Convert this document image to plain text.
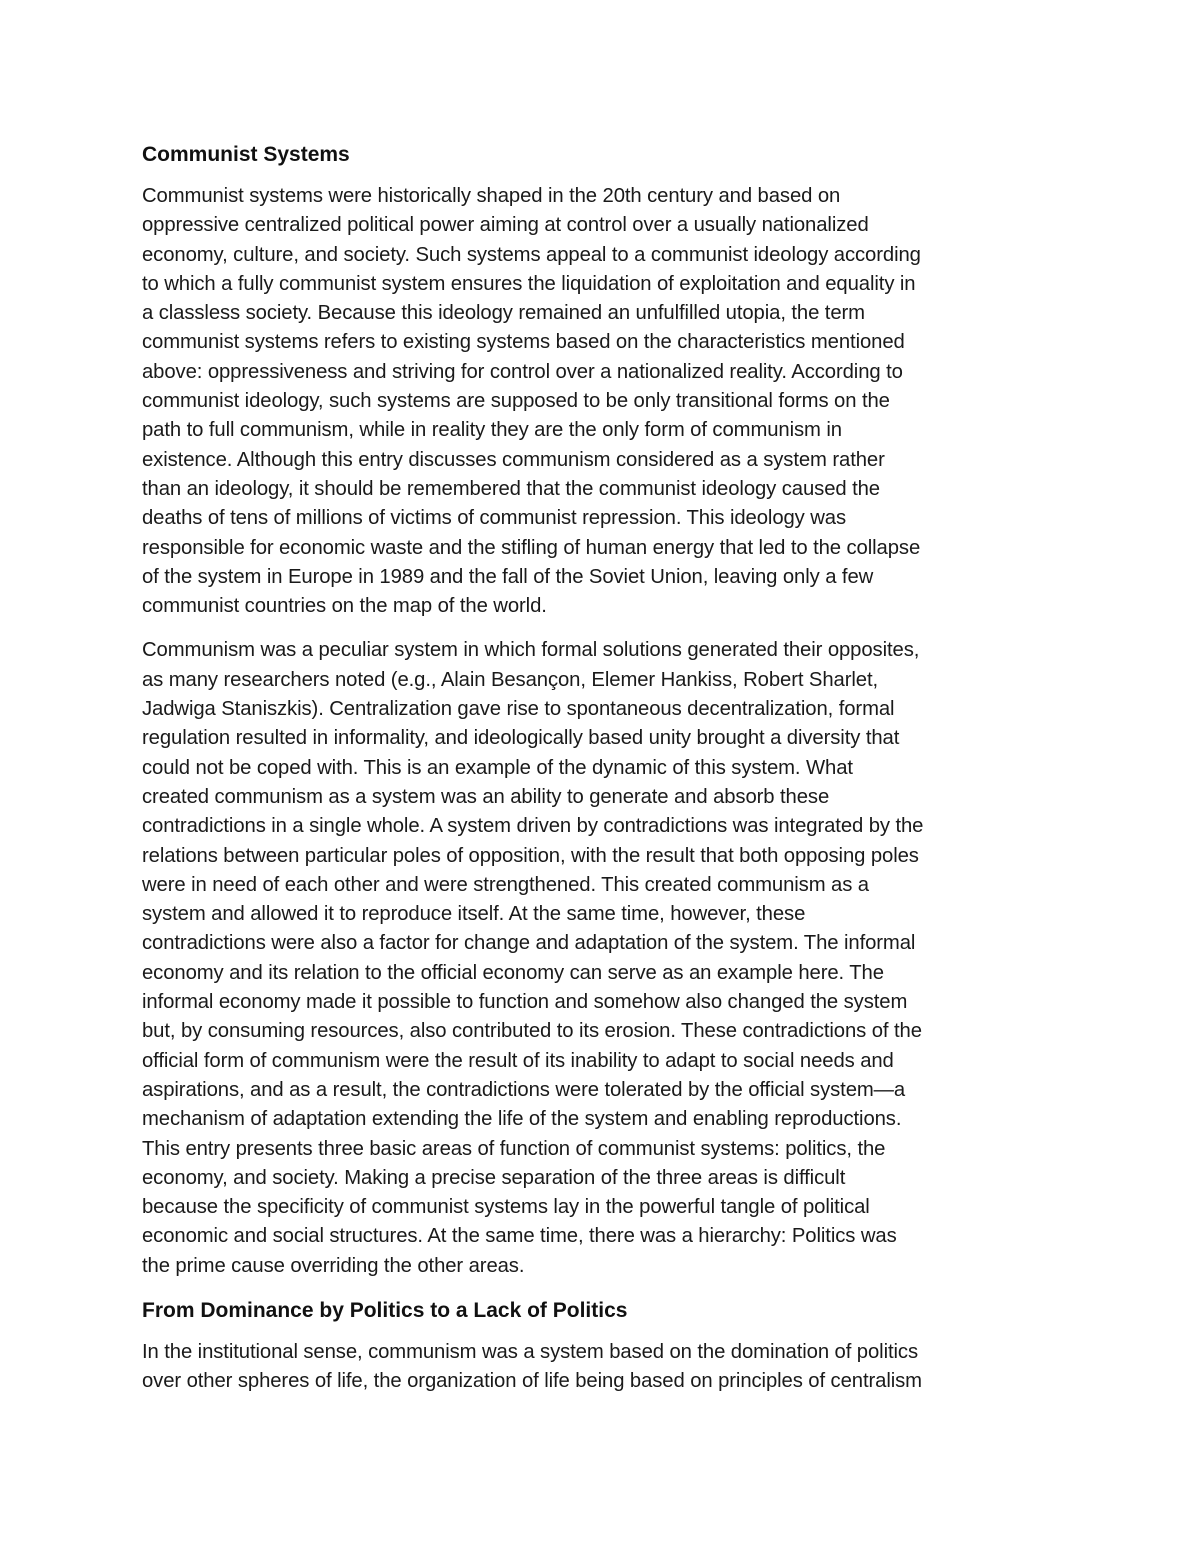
Communist Systems
Communist systems were historically shaped in the 20th century and based on
oppressive centralized political power aiming at control over a usually nationalized
economy, culture, and society. Such systems appeal to a communist ideology according
to which a fully communist system ensures the liquidation of exploitation and equality in
a classless society. Because this ideology remained an unfulfilled utopia, the term
communist systems refers to existing systems based on the characteristics mentioned
above: oppressiveness and striving for control over a nationalized reality. According to
communist ideology, such systems are supposed to be only transitional forms on the
path to full communism, while in reality they are the only form of communism in
existence. Although this entry discusses communism considered as a system rather
than an ideology, it should be remembered that the communist ideology caused the
deaths of tens of millions of victims of communist repression. This ideology was
responsible for economic waste and the stifling of human energy that led to the collapse
of the system in Europe in 1989 and the fall of the Soviet Union, leaving only a few
communist countries on the map of the world.
Communism was a peculiar system in which formal solutions generated their opposites,
as many researchers noted (e.g., Alain Besançon, Elemer Hankiss, Robert Sharlet,
Jadwiga Staniszkis). Centralization gave rise to spontaneous decentralization, formal
regulation resulted in informality, and ideologically based unity brought a diversity that
could not be coped with. This is an example of the dynamic of this system. What
created communism as a system was an ability to generate and absorb these
contradictions in a single whole. A system driven by contradictions was integrated by the
relations between particular poles of opposition, with the result that both opposing poles
were in need of each other and were strengthened. This created communism as a
system and allowed it to reproduce itself. At the same time, however, these
contradictions were also a factor for change and adaptation of the system. The informal
economy and its relation to the official economy can serve as an example here. The
informal economy made it possible to function and somehow also changed the system
but, by consuming resources, also contributed to its erosion. These contradictions of the
official form of communism were the result of its inability to adapt to social needs and
aspirations, and as a result, the contradictions were tolerated by the official system—a
mechanism of adaptation extending the life of the system and enabling reproductions.
This entry presents three basic areas of function of communist systems: politics, the
economy, and society. Making a precise separation of the three areas is difficult
because the specificity of communist systems lay in the powerful tangle of political
economic and social structures. At the same time, there was a hierarchy: Politics was
the prime cause overriding the other areas.
From Dominance by Politics to a Lack of Politics
In the institutional sense, communism was a system based on the domination of politics
over other spheres of life, the organization of life being based on principles of centralism
